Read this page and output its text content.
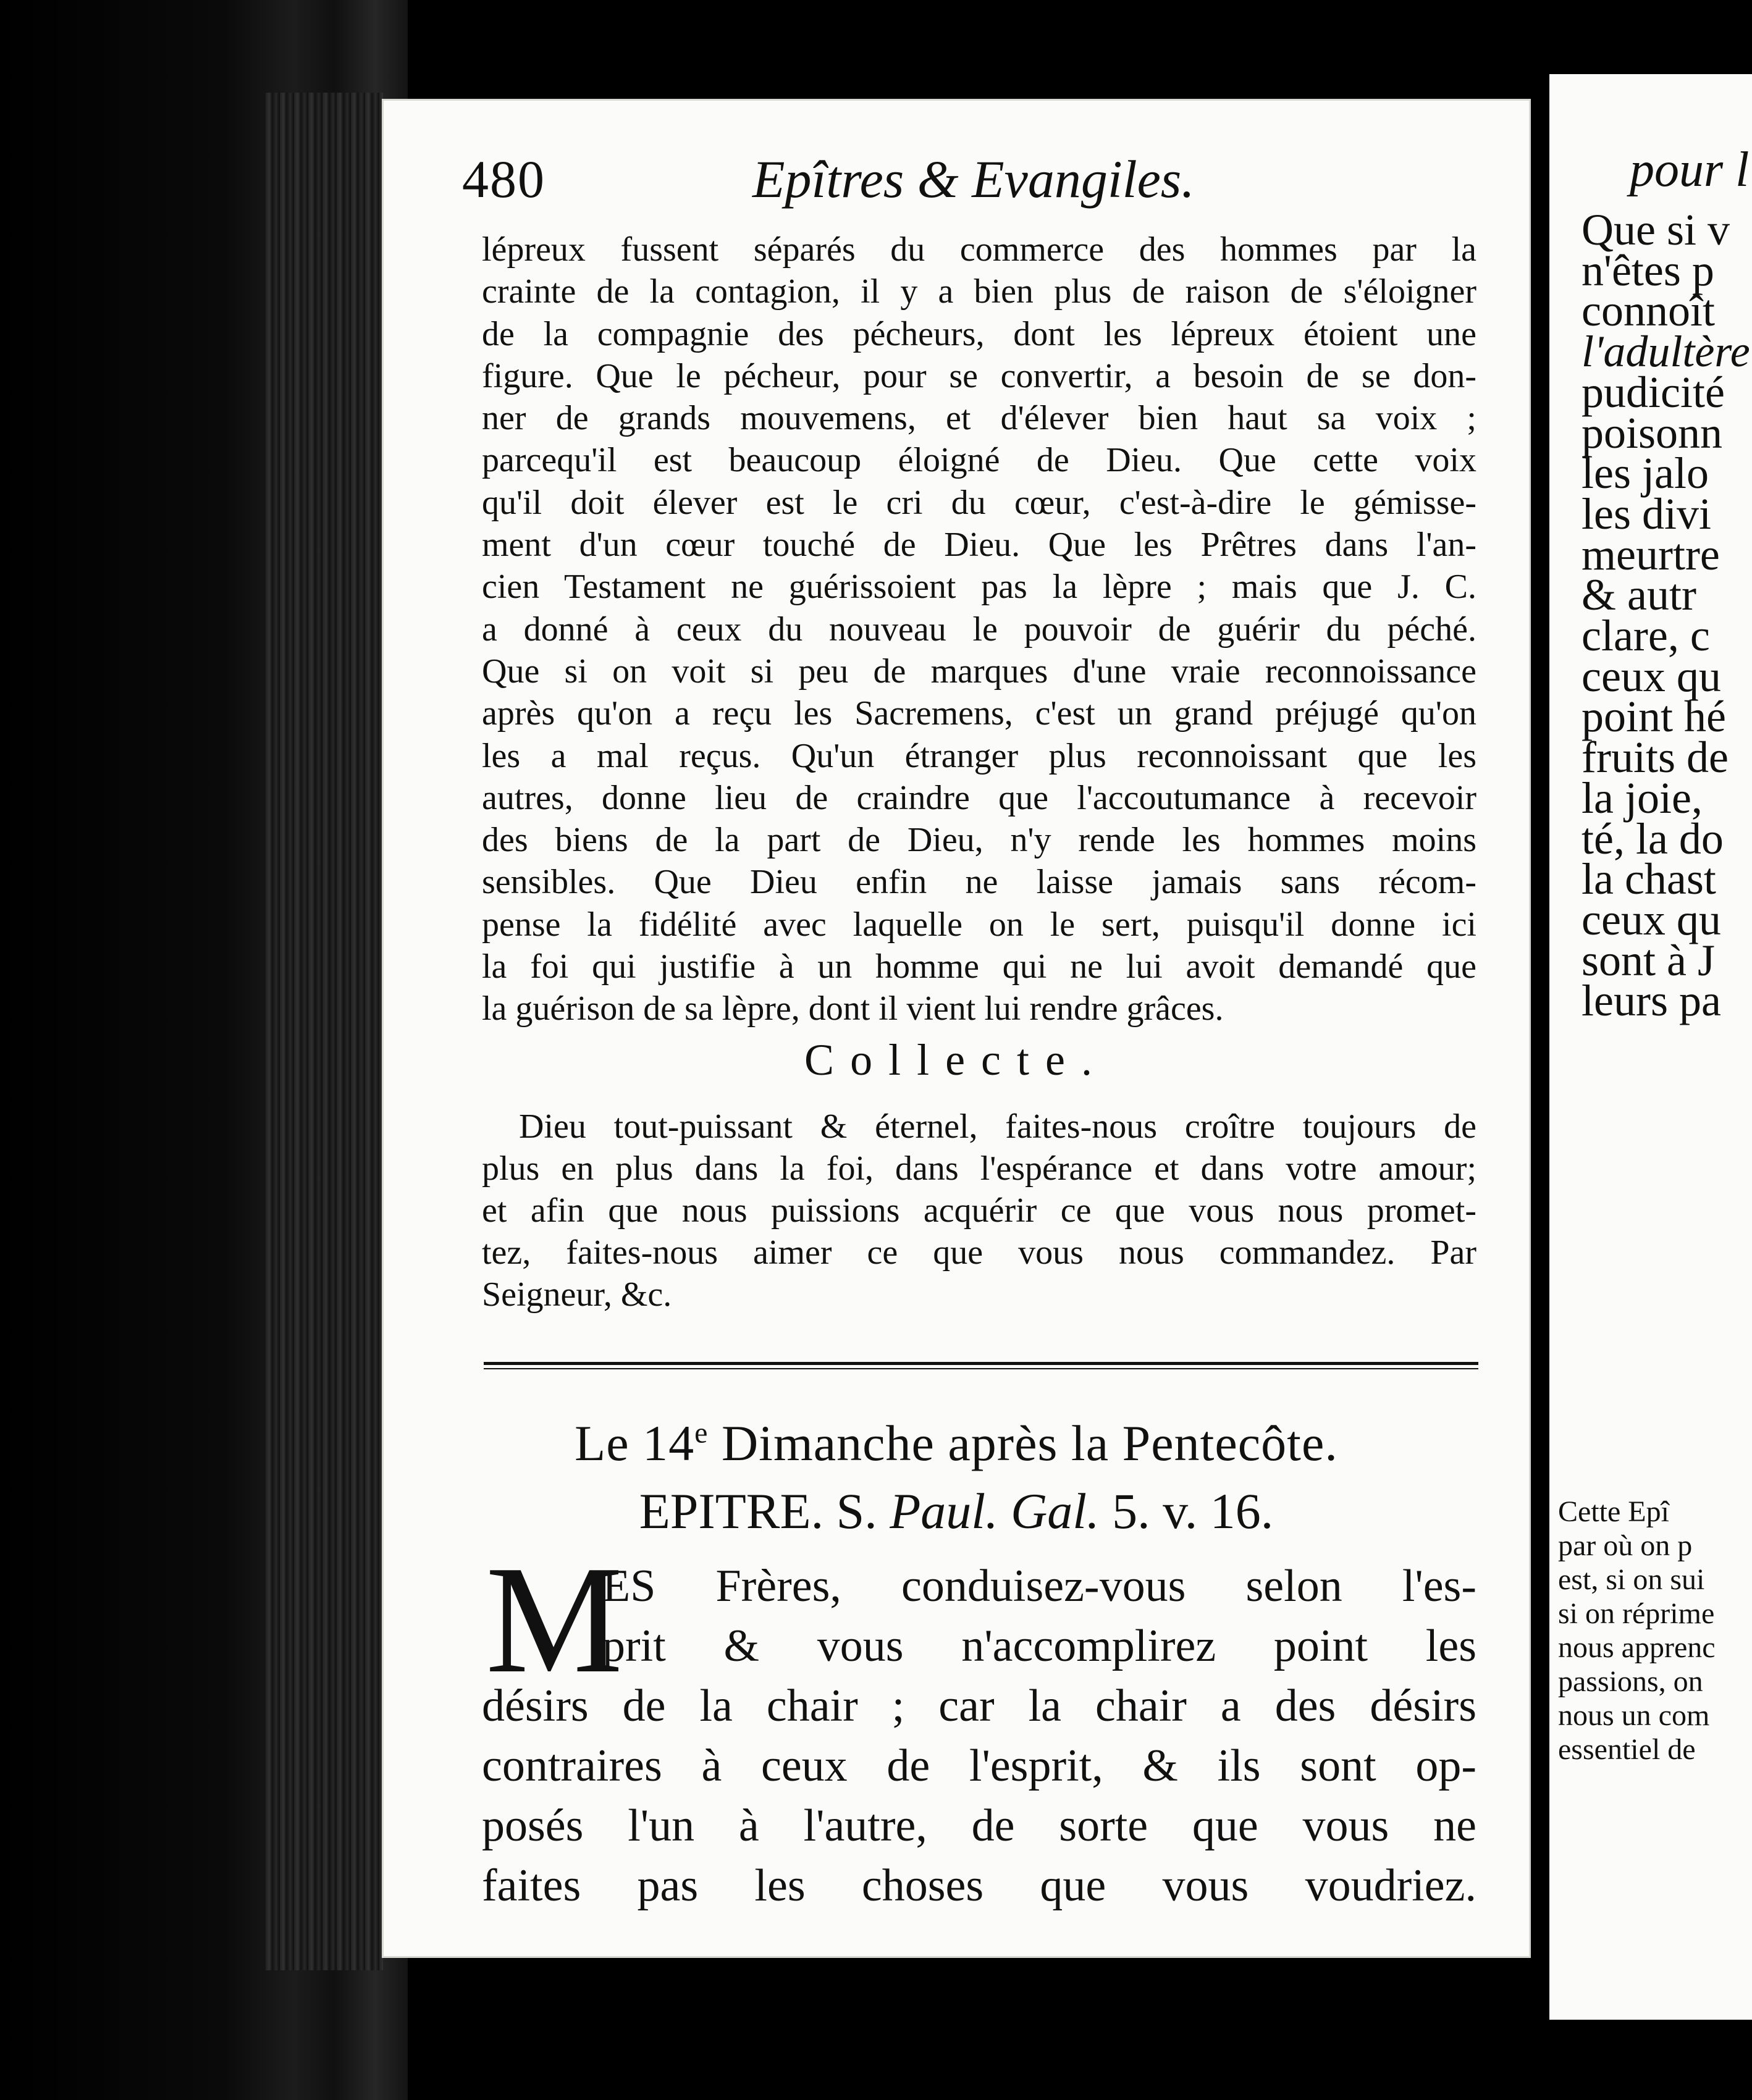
480	Epîtres & Evangiles.
lépreux fussent séparés du commerce des hommes par la
crainte de la contagion, il y a bien plus de raison de s'éloigner
de la compagnie des pécheurs, dont les lépreux étoient une
figure. Que le pécheur, pour se convertir, a besoin de se don-
ner de grands mouvemens, et d'élever bien haut sa voix ;
parcequ'il est beaucoup éloigné de Dieu. Que cette voix
qu'il doit élever est le cri du cœur, c'est-à-dire le gémisse-
ment d'un cœur touché de Dieu. Que les Prêtres dans l'an-
cien Testament ne guérissoient pas la lèpre ; mais que J. C.
a donné à ceux du nouveau le pouvoir de guérir du péché.
Que si on voit si peu de marques d'une vraie reconnoissance
après qu'on a reçu les Sacremens, c'est un grand préjugé qu'on
les a mal reçus. Qu'un étranger plus reconnoissant que les
autres, donne lieu de craindre que l'accoutumance à recevoir
des biens de la part de Dieu, n'y rende les hommes moins
sensibles. Que Dieu enfin ne laisse jamais sans récom-
pense la fidélité avec laquelle on le sert, puisqu'il donne ici
la foi qui justifie à un homme qui ne lui avoit demandé que
la guérison de sa lèpre, dont il vient lui rendre grâces.
Collecte.
Dieu tout-puissant & éternel, faites-nous croître toujours de
plus en plus dans la foi, dans l'espérance et dans votre amour;
et afin que nous puissions acquérir ce que vous nous promet-
tez, faites-nous aimer ce que vous nous commandez. Par
Seigneur, &c.
Le 14e Dimanche après la Pentecôte.
EPITRE. S. Paul. Gal. 5. v. 16.
M
ES Frères, conduisez-vous selon l'es-
prit & vous n'accomplirez point les
désirs de la chair ; car la chair a des désirs
contraires à ceux de l'esprit, & ils sont op-
posés l'un à l'autre, de sorte que vous ne
faites pas les choses que vous voudriez.
pour l
Que si v
n'êtes p
connoît
l'adultère
pudicité
poisonn
les jalo
les divi
meurtre
& autr
clare, c
ceux qu
point hé
fruits de
la joie,
té, la do
la chast
ceux qu
sont à J
leurs pa
Cette Epî
par où on p
est, si on sui
si on réprime
nous apprenc
passions, on
nous un com
essentiel de
